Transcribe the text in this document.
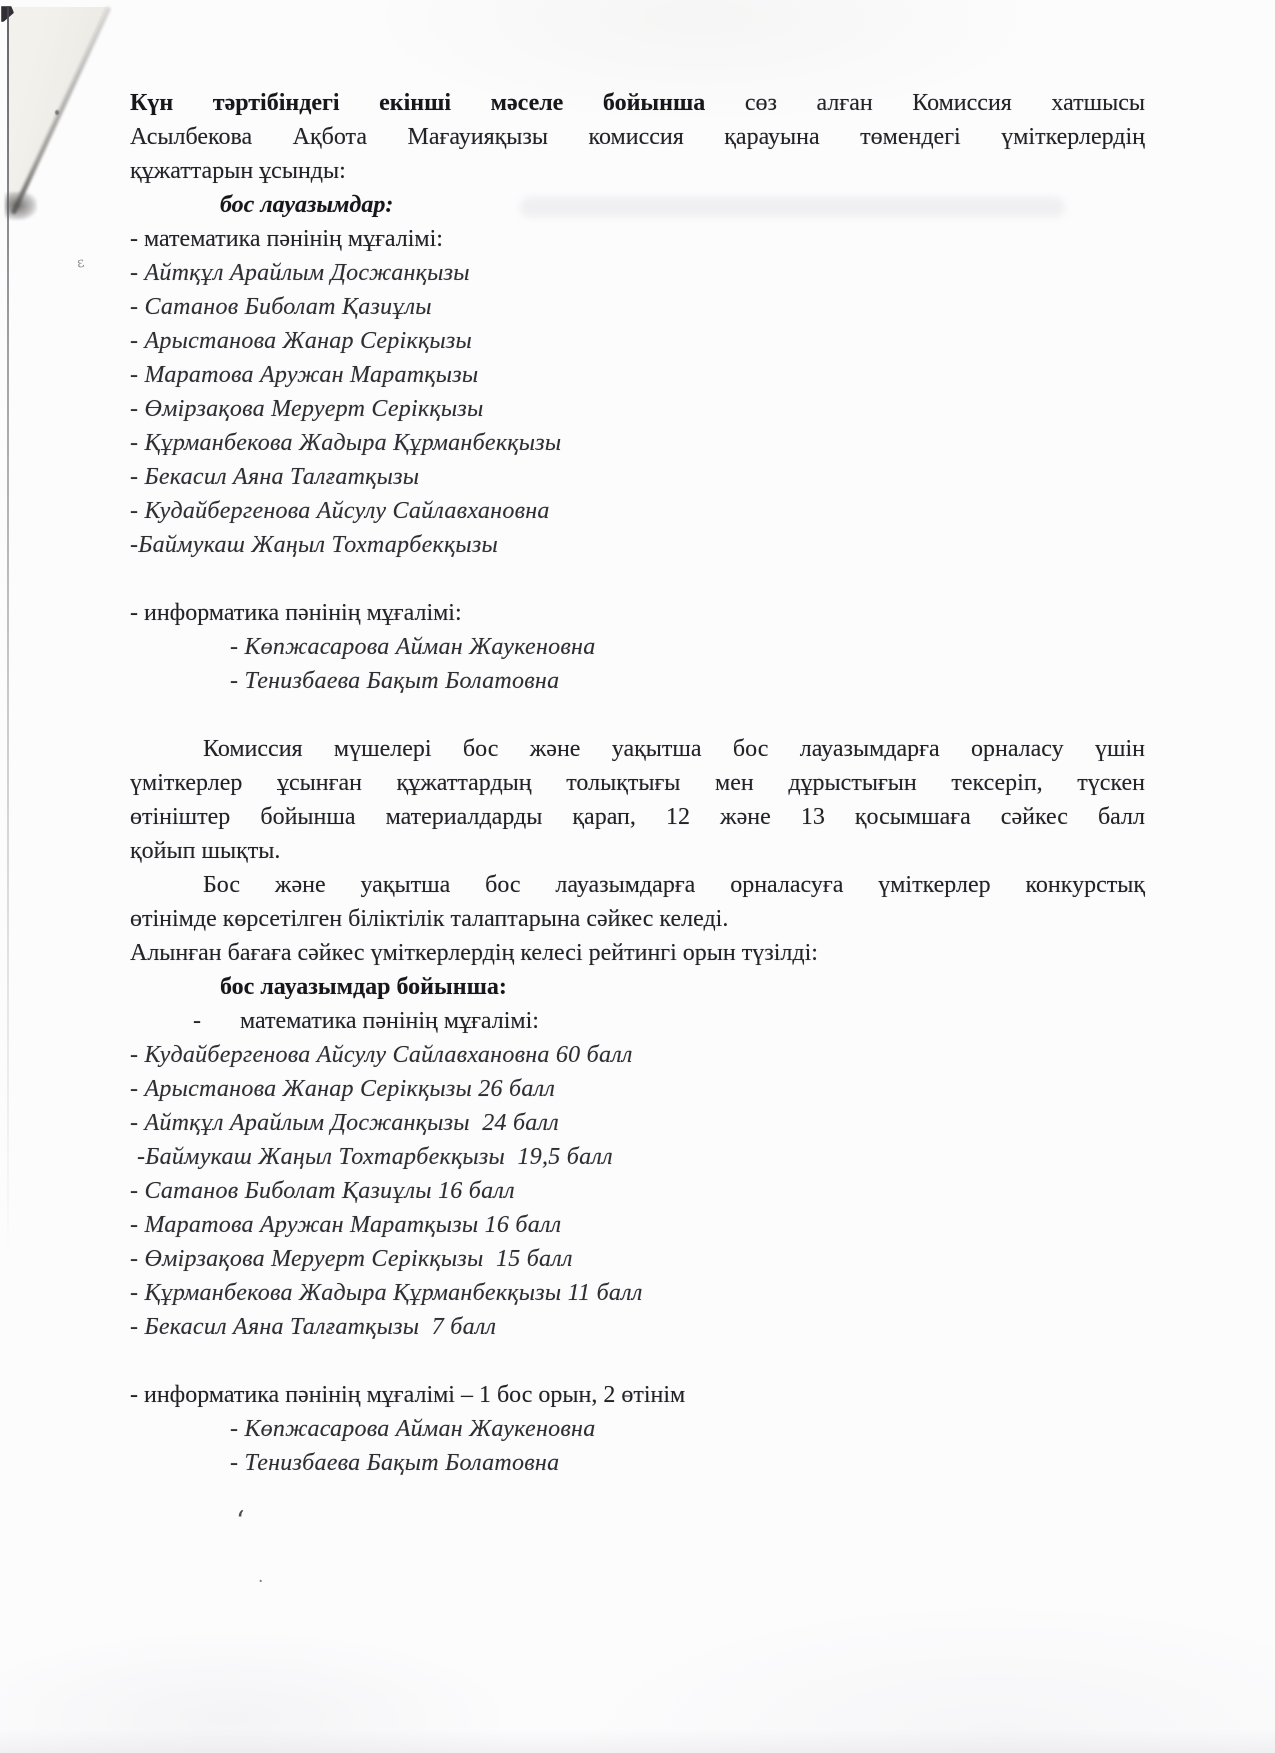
ε
ʻ
·
Күн тәртібіндегі екінші мәселе бойынша сөз алған Комиссия хатшысы
Асылбекова Ақбота Мағауияқызы комиссия қарауына төмендегі үміткерлердің
құжаттарын ұсынды:
бос лауазымдар:
- математика пәнінің мұғалімі:
- Айтқұл Арайлым Досжанқызы
- Сатанов Биболат Қазиұлы
- Арыстанова Жанар Серікқызы
- Маратова Аружан Маратқызы
- Өмірзақова Меруерт Серікқызы
- Құрманбекова Жадыра Құрманбекқызы
- Бекасил Аяна Талғатқызы
- Кудайбергенова Айсулу Сайлавхановна
-Баймукаш Жаңыл Тохтарбекқызы
- информатика пәнінің мұғалімі:
- Көпжасарова Айман Жаукеновна
- Тенизбаева Бақыт Болатовна
Комиссия мүшелері бос және уақытша бос лауазымдарға орналасу үшін
үміткерлер ұсынған құжаттардың толықтығы мен дұрыстығын тексеріп, түскен
өтініштер бойынша материалдарды қарап, 12 және 13 қосымшаға сәйкес балл
қойып шықты.
Бос және уақытша бос лауазымдарға орналасуға үміткерлер конкурстық
өтінімде көрсетілген біліктілік талаптарына сәйкес келеді.
Алынған бағаға сәйкес үміткерлердің келесі рейтингі орын түзілді:
бос лауазымдар бойынша:
- математика пәнінің мұғалімі:
- Кудайбергенова Айсулу Сайлавхановна 60 балл
- Арыстанова Жанар Серікқызы 26 балл
- Айтқұл Арайлым Досжанқызы  24 балл
-Баймукаш Жаңыл Тохтарбекқызы  19,5 балл
- Сатанов Биболат Қазиұлы 16 балл
- Маратова Аружан Маратқызы 16 балл
- Өмірзақова Меруерт Серікқызы  15 балл
- Құрманбекова Жадыра Құрманбекқызы 11 балл
- Бекасил Аяна Талғатқызы  7 балл
- информатика пәнінің мұғалімі – 1 бос орын, 2 өтінім
- Көпжасарова Айман Жаукеновна
- Тенизбаева Бақыт Болатовна
